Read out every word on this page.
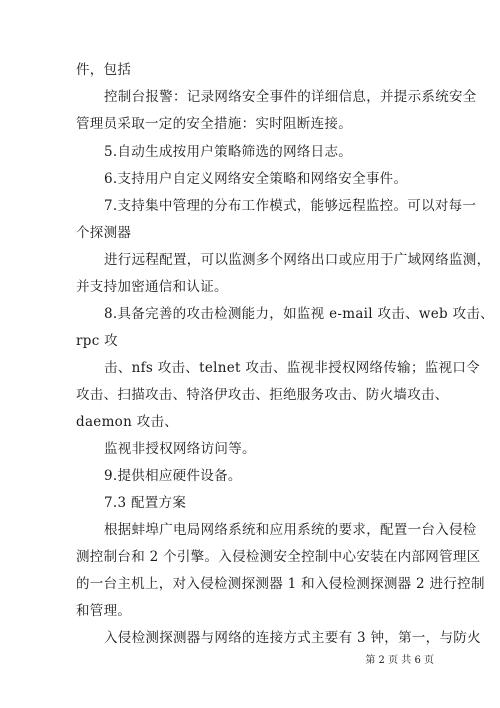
件，包括
控制台报警：记录网络安全事件的详细信息，并提示系统安全
管理员采取一定的安全措施：实时阻断连接。
5.自动生成按用户策略筛选的网络日志。
6.支持用户自定义网络安全策略和网络安全事件。
7.支持集中管理的分布工作模式，能够远程监控。可以对每一
个探测器
进行远程配置，可以监测多个网络出口或应用于广域网络监测，
并支持加密通信和认证。
8.具备完善的攻击检测能力，如监视 e-mail 攻击、web 攻击、
rpc 攻
击、nfs 攻击、telnet 攻击、监视非授权网络传输；监视口令
攻击、扫描攻击、特洛伊攻击、拒绝服务攻击、防火墙攻击、
daemon 攻击、
监视非授权网络访问等。
9.提供相应硬件设备。
7.3 配置方案
根据蚌埠广电局网络系统和应用系统的要求，配置一台入侵检
测控制台和 2 个引擎。入侵检测安全控制中心安装在内部网管理区
的一台主机上，对入侵检测探测器 1 和入侵检测探测器 2 进行控制
和管理。
入侵检测探测器与网络的连接方式主要有 3 钟，第一，与防火
第 2 页 共 6 页
